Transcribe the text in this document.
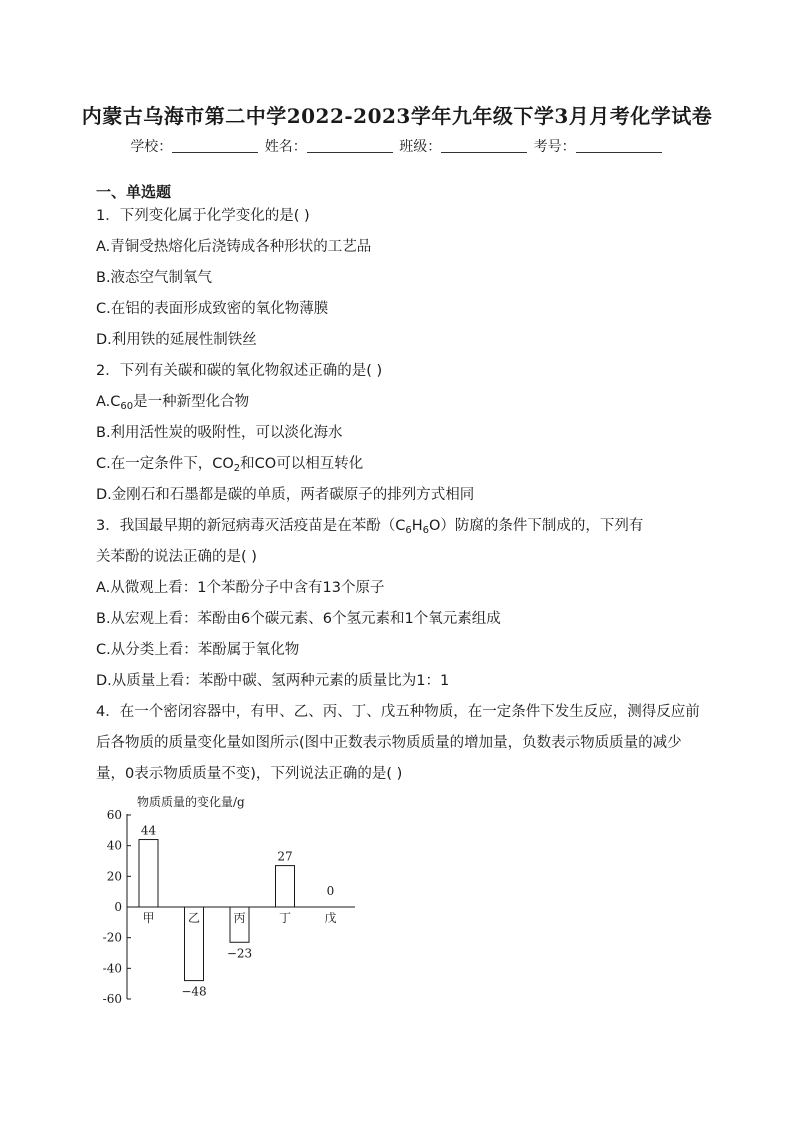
内蒙古乌海市第二中学2022-2023学年九年级下学3月月考化学试卷
学校：	姓名：	班级：	考号：
一、单选题
1．下列变化属于化学变化的是( )
A.青铜受热熔化后浇铸成各种形状的工艺品
B.液态空气制氧气
C.在铝的表面形成致密的氧化物薄膜
D.利用铁的延展性制铁丝
2．下列有关碳和碳的氧化物叙述正确的是( )
$A.C_{60}$是一种新型化合物
B.利用活性炭的吸附性，可以淡化海水
C.在一定条件下，$CO_2$和CO可以相互转化
D.金刚石和石墨都是碳的单质，两者碳原子的排列方式相同
3．我国最早期的新冠病毒灭活疫苗是在苯酚$(C_6H_6O)$防腐的条件下制成的，下列有
关苯酚的说法正确的是( )
A.从微观上看：1个苯酚分子中含有13个原子
B.从宏观上看：苯酚由6个碳元素、6个氢元素和1个氧元素组成
C.从分类上看：苯酚属于氧化物
D.从质量上看：苯酚中碳、氢两种元素的质量比为1：1
4．在一个密闭容器中，有甲、乙、丙、丁、戊五种物质，在一定条件下发生反应，测得反应前后各物质的质量变化量如图所示(图中正数表示物质质量的增加量，负数表示物质质量的减少量，0表示物质质量不变)，下列说法正确的是( )
物质质量的变化量/g
60
40
20
0
-20
-40
-60
甲
44
乙
−48
丙
−23
丁
27
戊
0
